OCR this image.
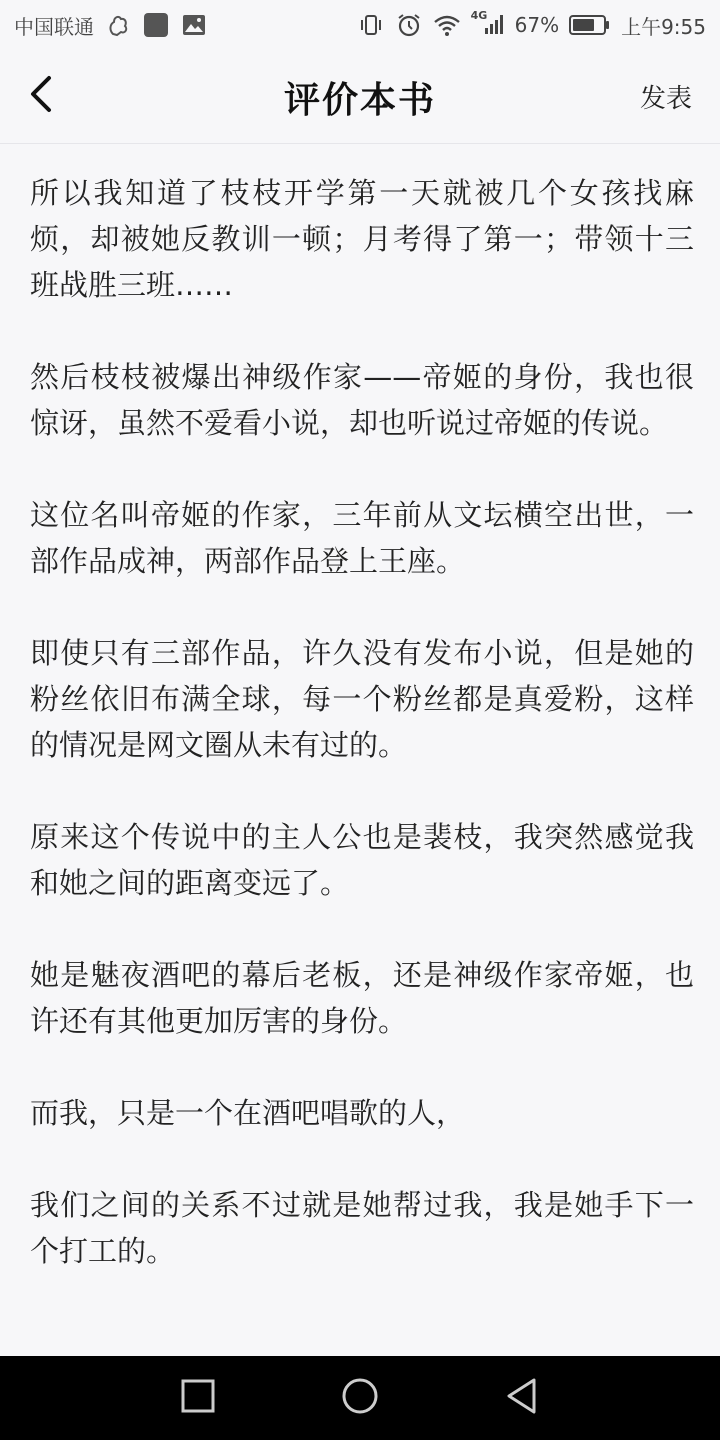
中国联通	4G 67%	上午9:55
评价本书	发表

所以我知道了枝枝开学第一天就被几个女孩找麻烦，却被她反教训一顿；月考得了第一；带领十三班战胜三班……

然后枝枝被爆出神级作家——帝姬的身份，我也很惊讶，虽然不爱看小说，却也听说过帝姬的传说。

这位名叫帝姬的作家，三年前从文坛横空出世，一部作品成神，两部作品登上王座。

即使只有三部作品，许久没有发布小说，但是她的粉丝依旧布满全球，每一个粉丝都是真爱粉，这样的情况是网文圈从未有过的。

原来这个传说中的主人公也是裴枝，我突然感觉我和她之间的距离变远了。

她是魅夜酒吧的幕后老板，还是神级作家帝姬，也许还有其他更加厉害的身份。

而我，只是一个在酒吧唱歌的人，

我们之间的关系不过就是她帮过我，我是她手下一个打工的。
